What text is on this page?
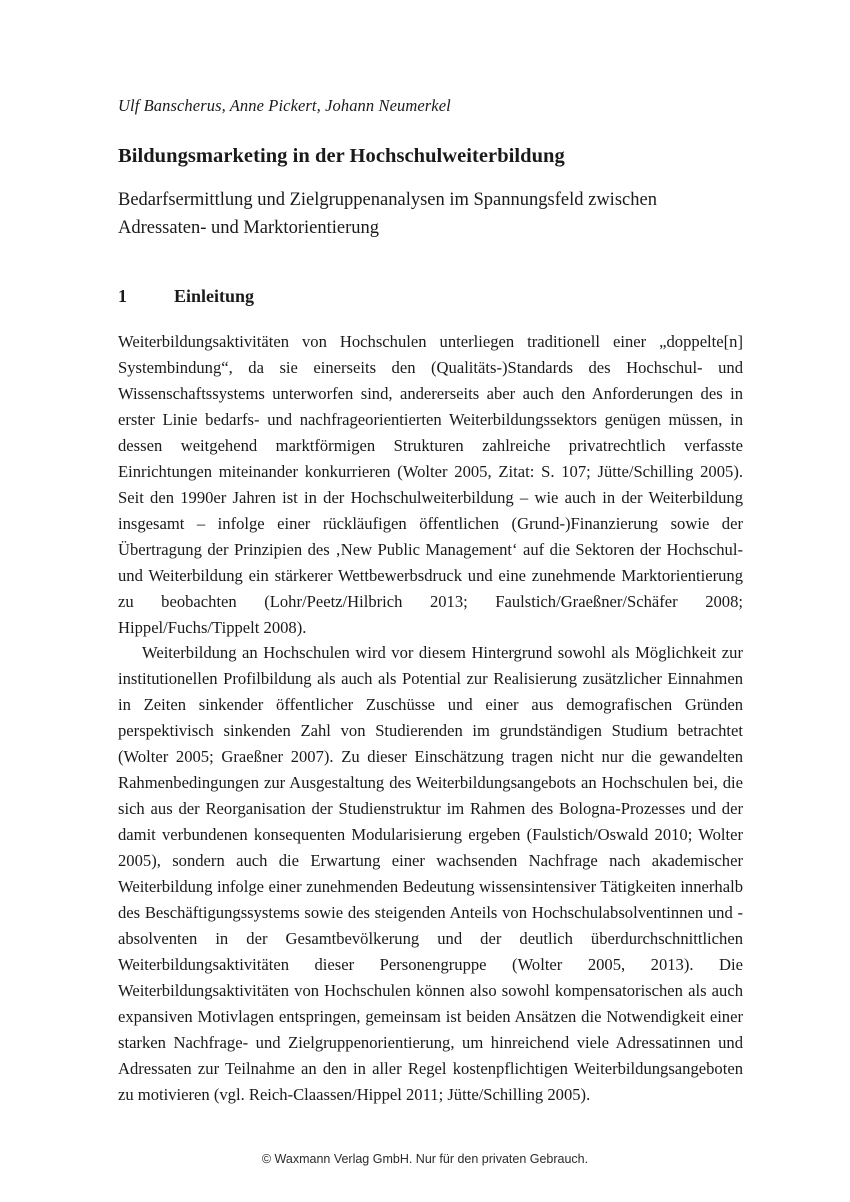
Ulf Banscherus, Anne Pickert, Johann Neumerkel
Bildungsmarketing in der Hochschulweiterbildung
Bedarfsermittlung und Zielgruppenanalysen im Spannungsfeld zwischen Adressaten- und Marktorientierung
1	Einleitung

Weiterbildungsaktivitäten von Hochschulen unterliegen traditionell einer „doppelte[n] Systembindung“, da sie einerseits den (Qualitäts-)Standards des Hochschul- und Wissenschaftssystems unterworfen sind, andererseits aber auch den Anforderungen des in erster Linie bedarfs- und nachfrageorientierten Weiterbildungssektors genügen müssen, in dessen weitgehend marktförmigen Strukturen zahlreiche privatrechtlich verfasste Einrichtungen miteinander konkurrieren (Wolter 2005, Zitat: S. 107; Jütte/Schilling 2005). Seit den 1990er Jahren ist in der Hochschulweiterbildung – wie auch in der Weiterbildung insgesamt – infolge einer rückläufigen öffentlichen (Grund-)Finanzierung sowie der Übertragung der Prinzipien des ‚New Public Management‘ auf die Sektoren der Hochschul- und Weiterbildung ein stärkerer Wettbewerbsdruck und eine zunehmende Marktorientierung zu beobachten (Lohr/Peetz/Hilbrich 2013; Faulstich/Graeßner/Schäfer 2008; Hippel/Fuchs/Tippelt 2008).

Weiterbildung an Hochschulen wird vor diesem Hintergrund sowohl als Möglichkeit zur institutionellen Profilbildung als auch als Potential zur Realisierung zusätzlicher Einnahmen in Zeiten sinkender öffentlicher Zuschüsse und einer aus demografischen Gründen perspektivisch sinkenden Zahl von Studierenden im grundständigen Studium betrachtet (Wolter 2005; Graeßner 2007). Zu dieser Einschätzung tragen nicht nur die gewandelten Rahmenbedingungen zur Ausgestaltung des Weiterbildungsangebots an Hochschulen bei, die sich aus der Reorganisation der Studienstruktur im Rahmen des Bologna-Prozesses und der damit verbundenen konsequenten Modularisierung ergeben (Faulstich/Oswald 2010; Wolter 2005), sondern auch die Erwartung einer wachsenden Nachfrage nach akademischer Weiterbildung infolge einer zunehmenden Bedeutung wissensintensiver Tätigkeiten innerhalb des Beschäftigungssystems sowie des steigenden Anteils von Hochschulabsolventinnen und -absolventen in der Gesamtbevölkerung und der deutlich überdurchschnittlichen Weiterbildungsaktivitäten dieser Personengruppe (Wolter 2005, 2013). Die Weiterbildungsaktivitäten von Hochschulen können also sowohl kompensatorischen als auch expansiven Motivlagen entspringen, gemeinsam ist beiden Ansätzen die Notwendigkeit einer starken Nachfrage- und Zielgruppenorientierung, um hinreichend viele Adressatinnen und Adressaten zur Teilnahme an den in aller Regel kostenpflichtigen Weiterbildungsangeboten zu motivieren (vgl. Reich-Claassen/Hippel 2011; Jütte/Schilling 2005).

© Waxmann Verlag GmbH. Nur für den privaten Gebrauch.
